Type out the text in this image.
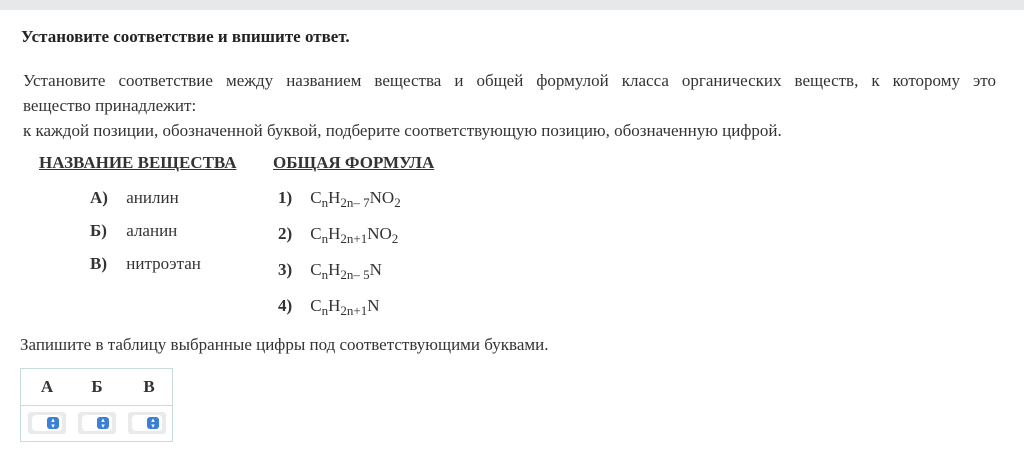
Установите соответствие и впишите ответ.
Установите соответствие между названием вещества и общей формулой класса органических веществ, к которому это
вещество принадлежит:
к каждой позиции, обозначенной буквой, подберите соответствующую позицию, обозначенную цифрой.
НАЗВАНИЕ ВЕЩЕСТВА ОБЩАЯ ФОРМУЛА
А) анилин
Б) аланин
В) нитроэтан
1) $C_nH_{2n- 7}NO_2$
2) $C_nH_{2n+1}NO_2$
3) $C_nH_{2n- 5}N$
4) $C_nH_{2n+1}N$
Запишите в таблицу выбранные цифры под соответствующими буквами.
А	Б	В
▴
▾
▴
▾
▴
▾
